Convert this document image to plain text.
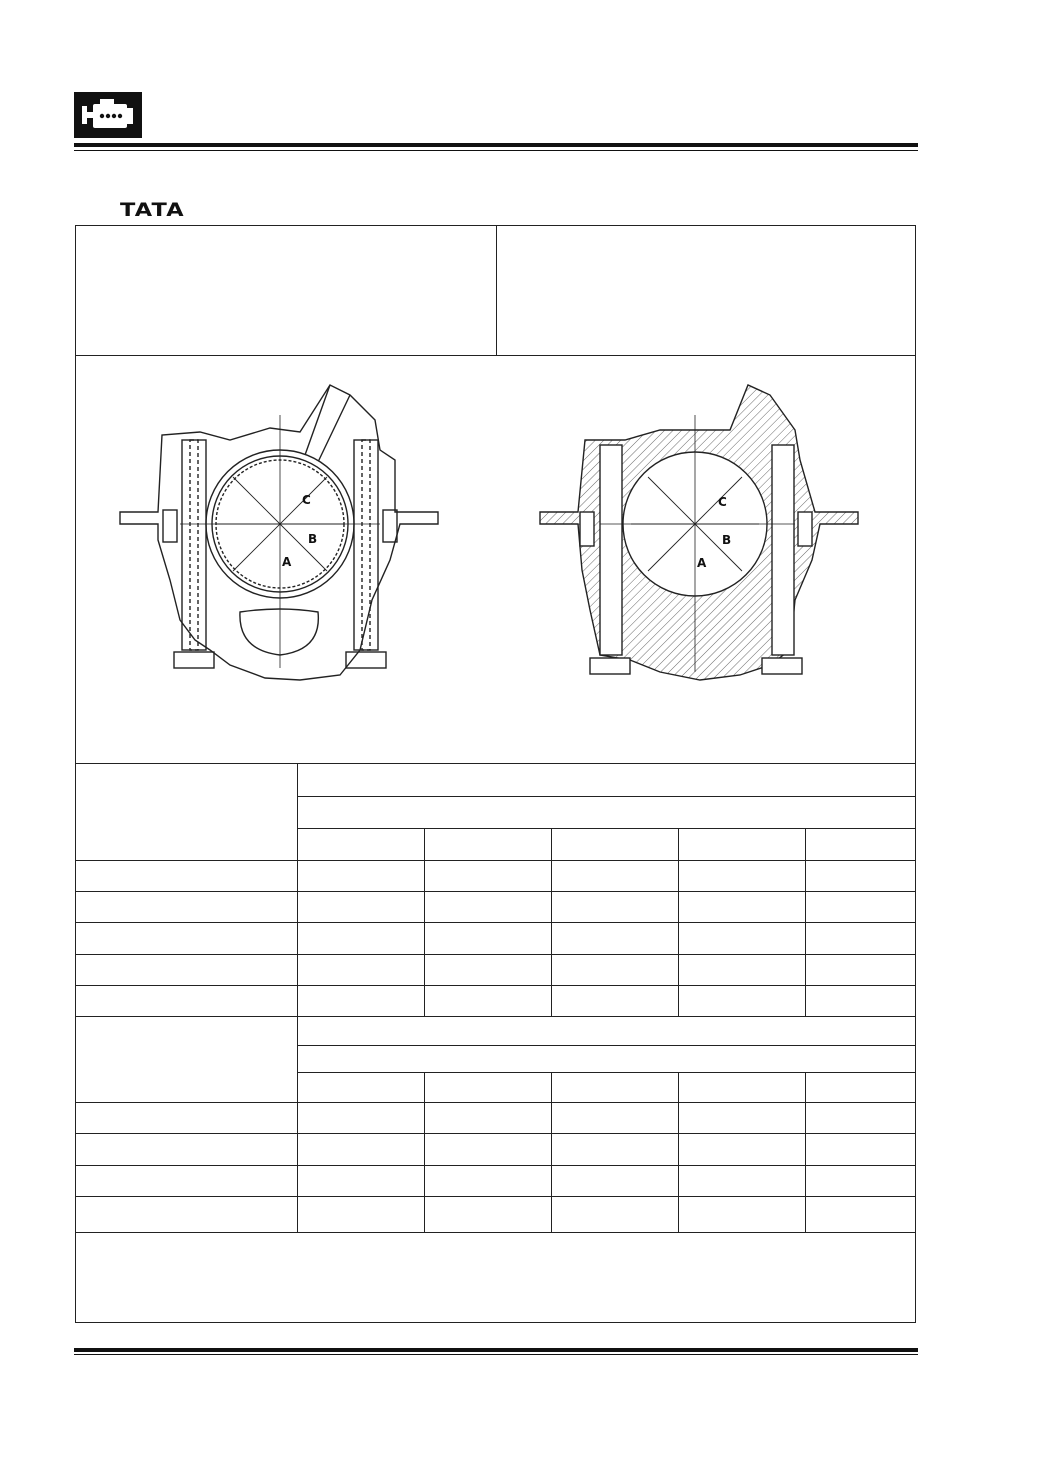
TATA
C
B
A
C
B
A
